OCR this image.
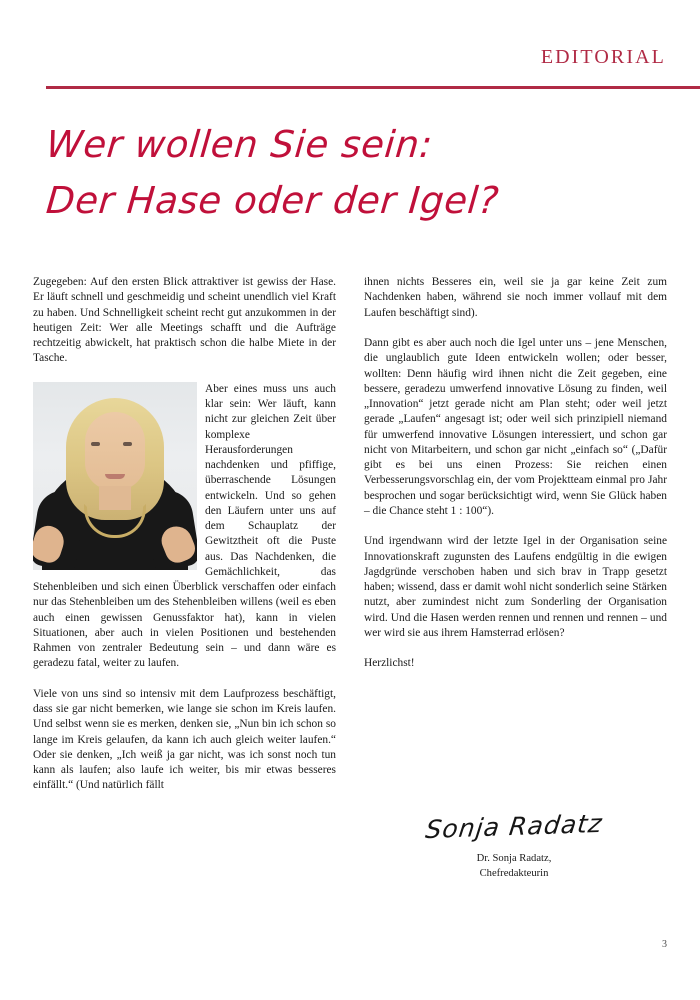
EDITORIAL
Wer wollen Sie sein:
Der Hase oder der Igel?

Zugegeben: Auf den ersten Blick attraktiver ist gewiss der Hase. Er läuft schnell und geschmeidig und scheint unendlich viel Kraft zu haben. Und Schnelligkeit scheint recht gut anzukommen in der heutigen Zeit: Wer alle Meetings schafft und die Aufträge rechtzeitig abwickelt, hat praktisch schon die halbe Miete in der Tasche.

Aber eines muss uns auch klar sein: Wer läuft, kann nicht zur gleichen Zeit über komplexe Herausforderungen nachdenken und pfiffige, überraschende Lösungen entwickeln. Und so gehen den Läufern unter uns auf dem Schauplatz der Gewitztheit oft die Puste aus. Das Nachdenken, die Gemächlichkeit, das Stehenbleiben und sich einen Überblick verschaffen oder einfach nur das Stehenbleiben um des Stehenbleiben willens (weil es eben auch einen gewissen Genussfaktor hat), kann in vielen Situationen, aber auch in vielen Positionen und bestehenden Rahmen von zentraler Bedeutung sein – und dann wäre es geradezu fatal, weiter zu laufen.

Viele von uns sind so intensiv mit dem Laufprozess beschäftigt, dass sie gar nicht bemerken, wie lange sie schon im Kreis laufen. Und selbst wenn sie es merken, denken sie, „Nun bin ich schon so lange im Kreis gelaufen, da kann ich auch gleich weiter laufen.“ Oder sie denken, „Ich weiß ja gar nicht, was ich sonst noch tun kann als laufen; also laufe ich weiter, bis mir etwas besseres einfällt.“ (Und natürlich fällt

ihnen nichts Besseres ein, weil sie ja gar keine Zeit zum Nachdenken haben, während sie noch immer vollauf mit dem Laufen beschäftigt sind).

Dann gibt es aber auch noch die Igel unter uns – jene Menschen, die unglaublich gute Ideen entwickeln wollen; oder besser, wollten: Denn häufig wird ihnen nicht die Zeit gegeben, eine bessere, geradezu umwerfend innovative Lösung zu finden, weil „Innovation“ jetzt gerade nicht am Plan steht; oder weil jetzt gerade „Laufen“ angesagt ist; oder weil sich prinzipiell niemand für umwerfend innovative Lösungen interessiert, und schon gar nicht von Mitarbeitern, und schon gar nicht „einfach so“ („Dafür gibt es bei uns einen Prozess: Sie reichen einen Verbesserungsvorschlag ein, der vom Projektteam einmal pro Jahr besprochen und sogar berücksichtigt wird, wenn Sie Glück haben – die Chance steht 1 : 100“).

Und irgendwann wird der letzte Igel in der Organisation seine Innovationskraft zugunsten des Laufens endgültig in die ewigen Jagdgründe verschoben haben und sich brav in Trapp gesetzt haben; wissend, dass er damit wohl nicht sonderlich seine Stärken nutzt, aber zumindest nicht zum Sonderling der Organisation wird. Und die Hasen werden rennen und rennen und rennen – und wer wird sie aus ihrem Hamsterrad erlösen?

Herzlichst!

Sonja Radatz
Dr. Sonja Radatz,
Chefredakteurin
3
